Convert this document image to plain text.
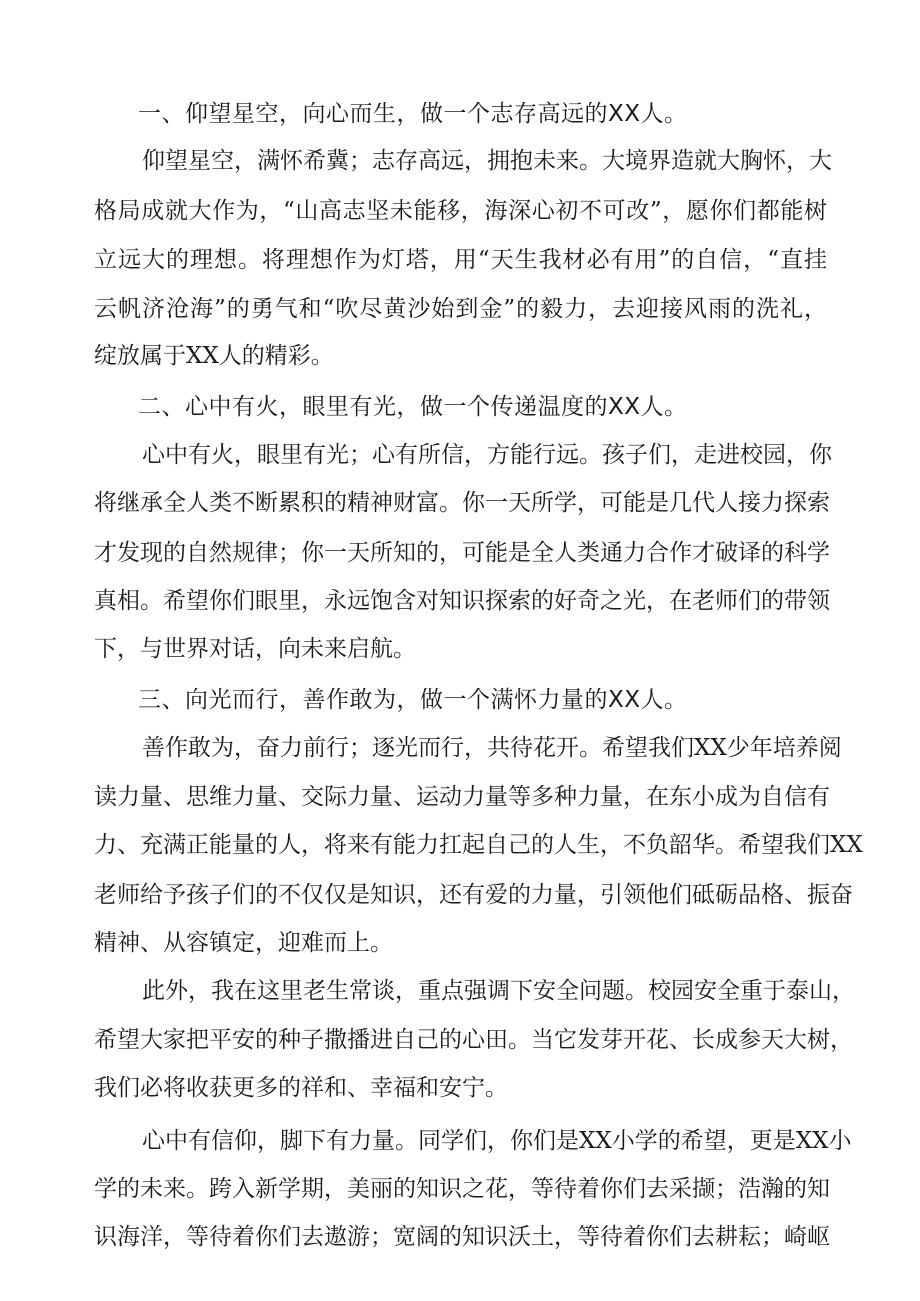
一、仰望星空，向心而生，做一个志存高远的XX人。
仰望星空，满怀希冀；志存高远，拥抱未来。大境界造就大胸怀，大
格局成就大作为，“山高志坚未能移，海深心初不可改”，愿你们都能树
立远大的理想。将理想作为灯塔，用“天生我材必有用”的自信，“直挂
云帆济沧海”的勇气和“吹尽黄沙始到金”的毅力，去迎接风雨的洗礼，
绽放属于XX人的精彩。
二、心中有火，眼里有光，做一个传递温度的XX人。
心中有火，眼里有光；心有所信，方能行远。孩子们，走进校园，你
将继承全人类不断累积的精神财富。你一天所学，可能是几代人接力探索
才发现的自然规律；你一天所知的，可能是全人类通力合作才破译的科学
真相。希望你们眼里，永远饱含对知识探索的好奇之光，在老师们的带领
下，与世界对话，向未来启航。
三、向光而行，善作敢为，做一个满怀力量的XX人。
善作敢为，奋力前行；逐光而行，共待花开。希望我们XX少年培养阅
读力量、思维力量、交际力量、运动力量等多种力量，在东小成为自信有
力、充满正能量的人，将来有能力扛起自己的人生，不负韶华。希望我们XX
老师给予孩子们的不仅仅是知识，还有爱的力量，引领他们砥砺品格、振奋
精神、从容镇定，迎难而上。
此外，我在这里老生常谈，重点强调下安全问题。校园安全重于泰山，
希望大家把平安的种子撒播进自己的心田。当它发芽开花、长成参天大树，
我们必将收获更多的祥和、幸福和安宁。
心中有信仰，脚下有力量。同学们，你们是XX小学的希望，更是XX小
学的未来。跨入新学期，美丽的知识之花，等待着你们去采撷；浩瀚的知
识海洋，等待着你们去遨游；宽阔的知识沃土，等待着你们去耕耘；崎岖
